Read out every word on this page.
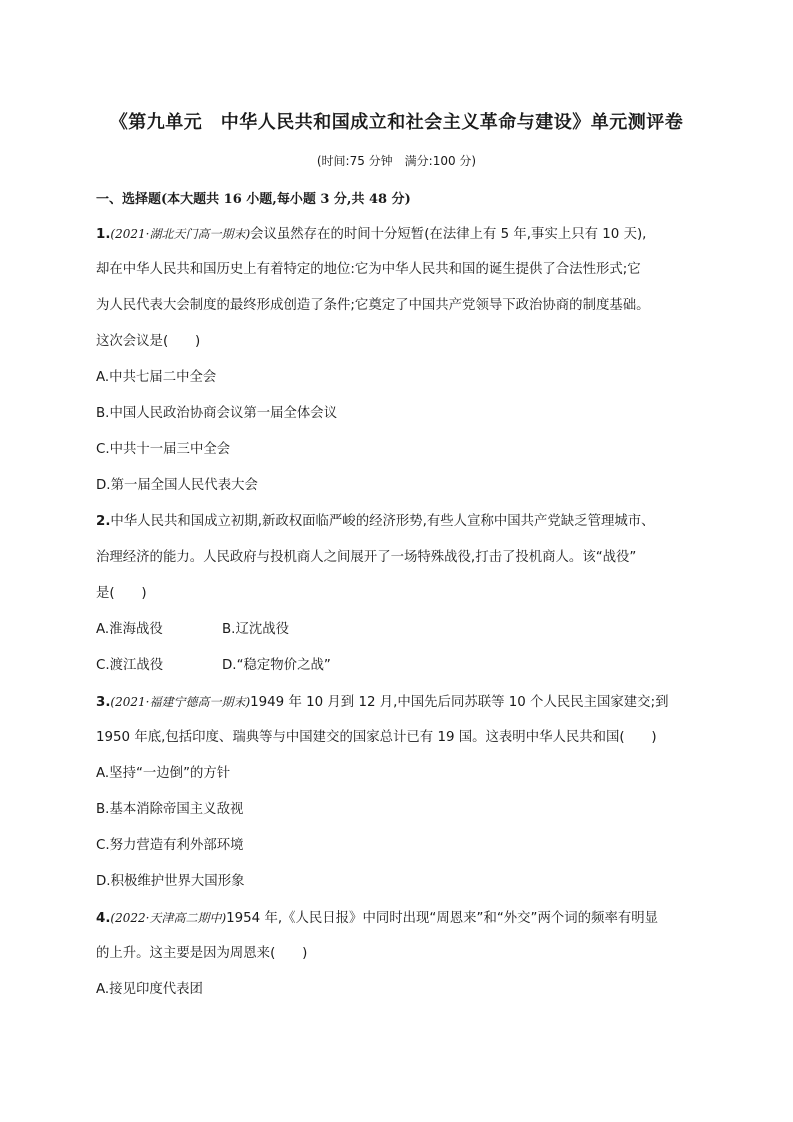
《第九单元　中华人民共和国成立和社会主义革命与建设》单元测评卷
(时间:75 分钟　满分:100 分)
一、选择题(本大题共 16 小题,每小题 3 分,共 48 分)
1.(2021·湖北天门高一期末)会议虽然存在的时间十分短暂(在法律上有 5 年,事实上只有 10 天),
却在中华人民共和国历史上有着特定的地位:它为中华人民共和国的诞生提供了合法性形式;它
为人民代表大会制度的最终形成创造了条件;它奠定了中国共产党领导下政治协商的制度基础。
这次会议是(　　)
A.中共七届二中全会
B.中国人民政治协商会议第一届全体会议
C.中共十一届三中全会
D.第一届全国人民代表大会
2.中华人民共和国成立初期,新政权面临严峻的经济形势,有些人宣称中国共产党缺乏管理城市、
治理经济的能力。人民政府与投机商人之间展开了一场特殊战役,打击了投机商人。该“战役”
是(　　)
A.淮海战役	B.辽沈战役
C.渡江战役	D.“稳定物价之战”
3.(2021·福建宁德高一期末)1949 年 10 月到 12 月,中国先后同苏联等 10 个人民民主国家建交;到
1950 年底,包括印度、瑞典等与中国建交的国家总计已有 19 国。这表明中华人民共和国(　　)
A.坚持“一边倒”的方针
B.基本消除帝国主义敌视
C.努力营造有利外部环境
D.积极维护世界大国形象
4.(2022·天津高二期中)1954 年,《人民日报》中同时出现“周恩来”和“外交”两个词的频率有明显
的上升。这主要是因为周恩来(　　)
A.接见印度代表团
